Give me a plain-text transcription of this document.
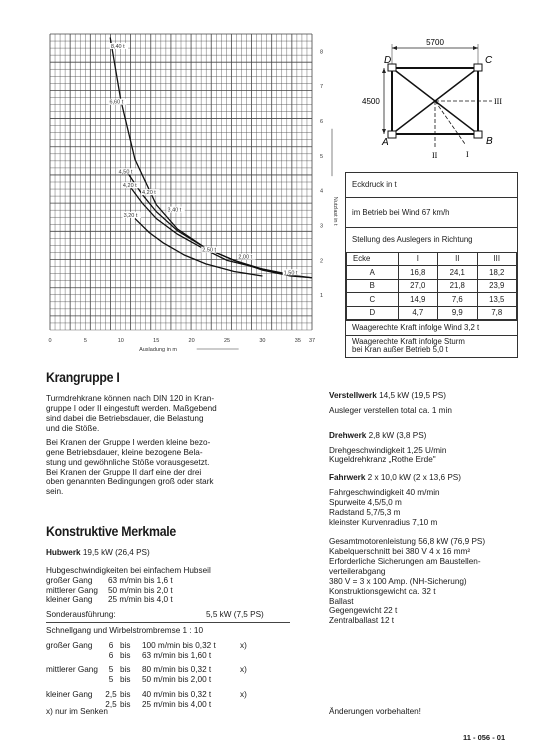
1
2
3
4
5
6
7
8
0	5	10	15	20	25	30	35 37
Ausladung in m
Nutzlast in t
8,40 t
6,60 t
4,50 t
4,20 t
4,20 t
3,20 t
3,40 t
2,50 t
2,00 t
1,50 t
5700
4500
D	C
A	B
III
II	I
Eckdruck in t
im Betrieb bei Wind 67 km/h
Stellung des Auslegers in Richtung
Ecke	I	II	III
A	16,8	24,1	18,2
B	27,0	21,8	23,9
C	14,9	7,6	13,5
D	4,7	9,9	7,8
Waagerechte Kraft infolge Wind 3,2 t
Waagerechte Kraft infolge Sturm
bei Kran außer Betrieb 5,0 t
Krangruppe I
Turmdrehkrane können nach DIN 120 in Kran-
gruppe I oder II eingestuft werden. Maßgebend
sind dabei die Betriebsdauer, die Belastung
und die Stöße.
Bei Kranen der Gruppe I werden kleine bezo-
gene Betriebsdauer, kleine bezogene Bela-
stung und gewöhnliche Stöße vorausgesetzt.
Bei Kranen der Gruppe II darf eine der drei
oben genannten Bedingungen groß oder stark
sein.
Konstruktive Merkmale
Hubwerk 19,5 kW (26,4 PS)
Hubgeschwindigkeiten bei einfachem Hubseil
großer Gang	63 m/min bis 1,6 t
mittlerer Gang	50 m/min bis 2,0 t
kleiner Gang	25 m/min bis 4,0 t
Sonderausführung:	5,5 kW (7,5 PS)
Schnellgang und Wirbelstrombremse 1 : 10
großer Gang	6 bis	100 m/min bis 0,32 t	x)
6 bis	63 m/min bis 1,60 t
mittlerer Gang	5 bis	80 m/min bis 0,32 t	x)
5 bis	50 m/min bis 2,00 t
kleiner Gang	2,5 bis	40 m/min bis 0,32 t	x)
2,5 bis	25 m/min bis 4,00 t
x) nur im Senken
Verstellwerk 14,5 kW (19,5 PS)
Ausleger verstellen total ca. 1 min
Drehwerk 2,8 kW (3,8 PS)
Drehgeschwindigkeit 1,25 U/min
Kugeldrehkranz „Rothe Erde"
Fahrwerk 2 x 10,0 kW (2 x 13,6 PS)
Fahrgeschwindigkeit 40 m/min
Spurweite 4,5/5,0 m
Radstand 5,7/5,3 m
kleinster Kurvenradius 7,10 m
Gesamtmotorenleistung 56,8 kW (76,9 PS)
Kabelquerschnitt bei 380 V 4 x 16 mm²
Erforderliche Sicherungen am Baustellen-
verteilerabgang
380 V = 3 x 100 Amp. (NH-Sicherung)
Konstruktionsgewicht ca. 32 t
Ballast
Gegengewicht 22 t
Zentralballast 12 t
Änderungen vorbehalten!
11 - 056 - 01
